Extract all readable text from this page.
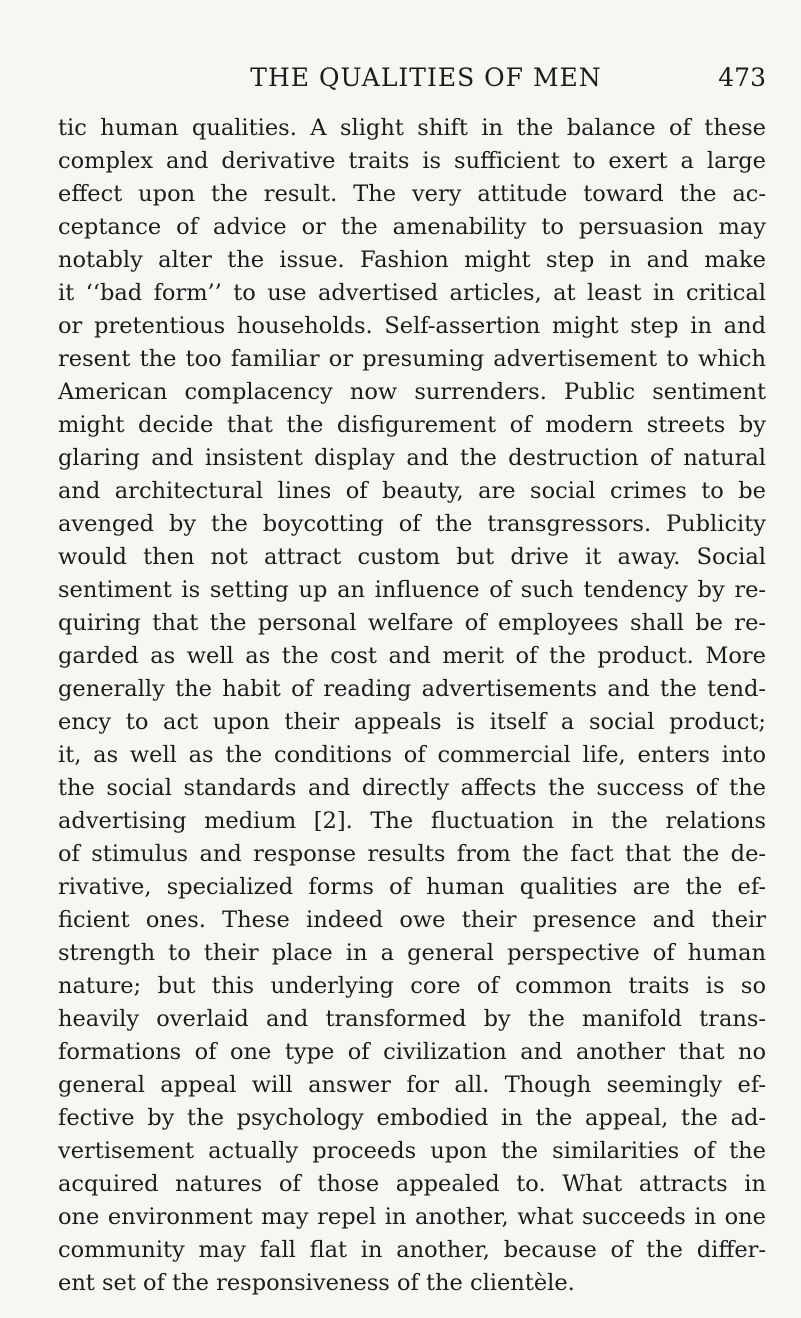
THE QUALITIES OF MEN	473
tic human qualities. A slight shift in the balance of these
complex and derivative traits is sufficient to exert a large
effect upon the result. The very attitude toward the ac-
ceptance of advice or the amenability to persuasion may
notably alter the issue. Fashion might step in and make
it ‘‘bad form’’ to use advertised articles, at least in critical
or pretentious households. Self-assertion might step in and
resent the too familiar or presuming advertisement to which
American complacency now surrenders. Public sentiment
might decide that the disfigurement of modern streets by
glaring and insistent display and the destruction of natural
and architectural lines of beauty, are social crimes to be
avenged by the boycotting of the transgressors. Publicity
would then not attract custom but drive it away. Social
sentiment is setting up an influence of such tendency by re-
quiring that the personal welfare of employees shall be re-
garded as well as the cost and merit of the product. More
generally the habit of reading advertisements and the tend-
ency to act upon their appeals is itself a social product;
it, as well as the conditions of commercial life, enters into
the social standards and directly affects the success of the
advertising medium [2]. The fluctuation in the relations
of stimulus and response results from the fact that the de-
rivative, specialized forms of human qualities are the ef-
ficient ones. These indeed owe their presence and their
strength to their place in a general perspective of human
nature; but this underlying core of common traits is so
heavily overlaid and transformed by the manifold trans-
formations of one type of civilization and another that no
general appeal will answer for all. Though seemingly ef-
fective by the psychology embodied in the appeal, the ad-
vertisement actually proceeds upon the similarities of the
acquired natures of those appealed to. What attracts in
one environment may repel in another, what succeeds in one
community may fall flat in another, because of the differ-
ent set of the responsiveness of the clientèle.
